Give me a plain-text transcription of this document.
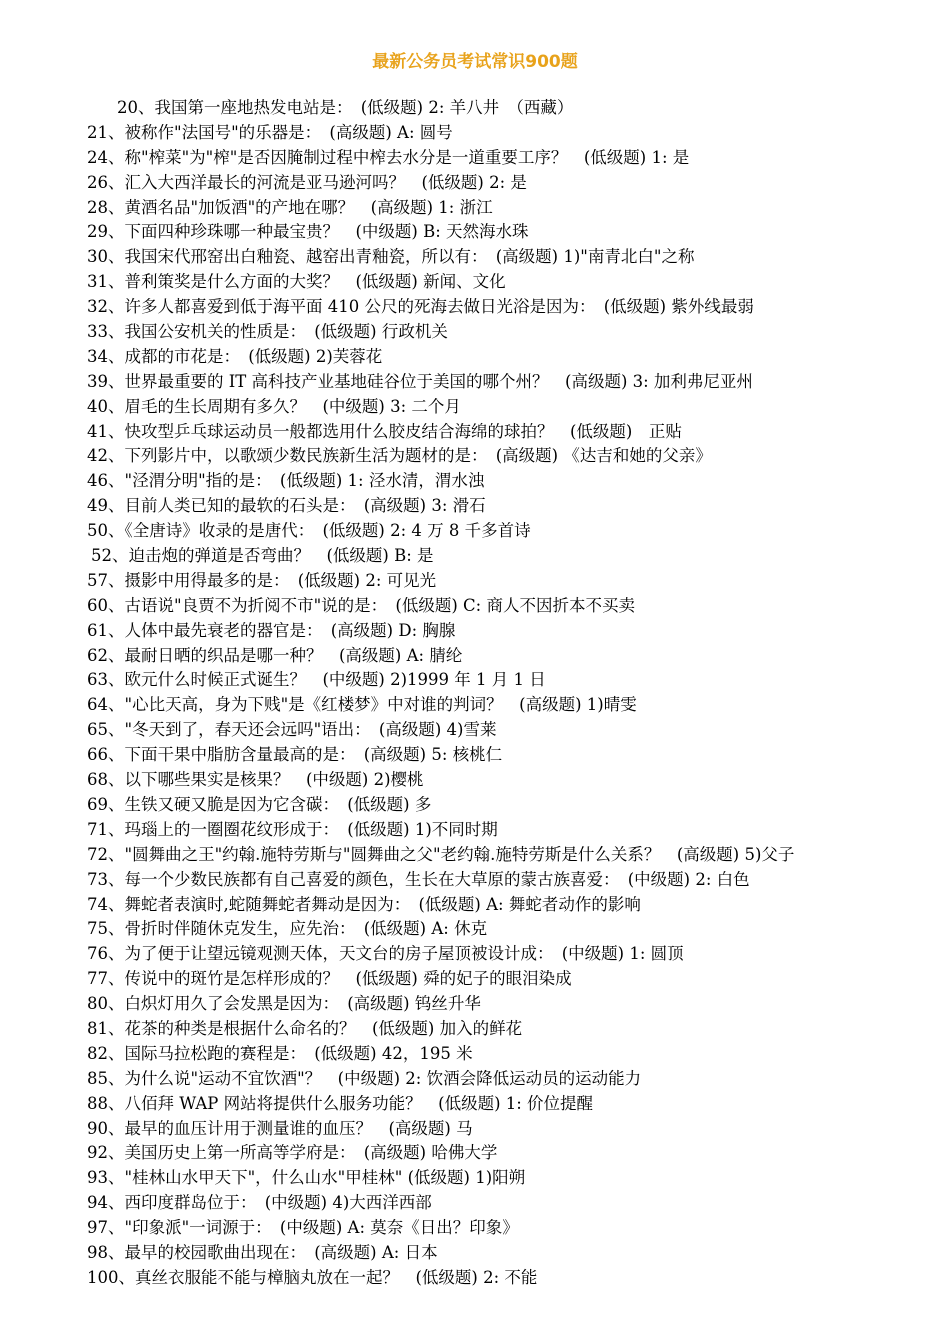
最新公务员考试常识900题
20、我国第一座地热发电站是：　(低级题) 2: 羊八井　（西藏）
21、被称作"法国号"的乐器是：　(高级题) A: 圆号
24、称"榨菜"为"榨"是否因腌制过程中榨去水分是一道重要工序？　(低级题) 1: 是
26、汇入大西洋最长的河流是亚马逊河吗？　(低级题) 2: 是
28、黄酒名品"加饭酒"的产地在哪？　(高级题) 1: 浙江
29、下面四种珍珠哪一种最宝贵？　(中级题) B: 天然海水珠
30、我国宋代邢窑出白釉瓷、越窑出青釉瓷，所以有：　(高级题) 1)"南青北白"之称
31、普利策奖是什么方面的大奖？　(低级题) 新闻、文化
32、许多人都喜爱到低于海平面 410 公尺的死海去做日光浴是因为：　(低级题) 紫外线最弱
33、我国公安机关的性质是：　(低级题) 行政机关
34、成都的市花是：　(低级题) 2)芙蓉花
39、世界最重要的 IT 高科技产业基地硅谷位于美国的哪个州？　(高级题) 3: 加利弗尼亚州
40、眉毛的生长周期有多久？　(中级题) 3: 二个月
41、快攻型乒乓球运动员一般都选用什么胶皮结合海绵的球拍？　(低级题)　正贴
42、下列影片中，以歌颂少数民族新生活为题材的是：　(高级题) 《达吉和她的父亲》
46、"泾渭分明"指的是：　(低级题) 1: 泾水清，渭水浊
49、目前人类已知的最软的石头是：　(高级题) 3: 滑石
50、《全唐诗》收录的是唐代：　(低级题) 2: 4 万 8 千多首诗
52、迫击炮的弹道是否弯曲？　(低级题) B: 是
57、摄影中用得最多的是：　(低级题) 2: 可见光
60、古语说"良贾不为折阅不市"说的是：　(低级题) C: 商人不因折本不买卖
61、人体中最先衰老的器官是：　(高级题) D: 胸腺
62、最耐日晒的织品是哪一种？　(高级题) A: 腈纶
63、欧元什么时候正式诞生？　(中级题) 2)1999 年 1 月 1 日
64、"心比天高，身为下贱"是《红楼梦》中对谁的判词？　(高级题) 1)晴雯
65、"冬天到了，春天还会远吗"语出：　(高级题) 4)雪莱
66、下面干果中脂肪含量最高的是：　(高级题) 5: 核桃仁
68、以下哪些果实是核果？　(中级题) 2)樱桃
69、生铁又硬又脆是因为它含碳：　(低级题) 多
71、玛瑙上的一圈圈花纹形成于：　(低级题) 1)不同时期
72、"圆舞曲之王"约翰.施特劳斯与"圆舞曲之父"老约翰.施特劳斯是什么关系？　(高级题) 5)父子
73、每一个少数民族都有自己喜爱的颜色，生长在大草原的蒙古族喜爱：　(中级题) 2: 白色
74、舞蛇者表演时,蛇随舞蛇者舞动是因为：　(低级题) A: 舞蛇者动作的影响
75、骨折时伴随休克发生，应先治：　(低级题) A: 休克
76、为了便于让望远镜观测天体，天文台的房子屋顶被设计成：　(中级题) 1: 圆顶
77、传说中的斑竹是怎样形成的？　(低级题) 舜的妃子的眼泪染成
80、白炽灯用久了会发黑是因为：　(高级题) 钨丝升华
81、花茶的种类是根据什么命名的？　(低级题) 加入的鲜花
82、国际马拉松跑的赛程是：　(低级题) 42，195 米
85、为什么说"运动不宜饮酒"？　(中级题) 2: 饮酒会降低运动员的运动能力
88、八佰拜 WAP 网站将提供什么服务功能？　(低级题) 1: 价位提醒
90、最早的血压计用于测量谁的血压？　(高级题) 马
92、美国历史上第一所高等学府是：　(高级题) 哈佛大学
93、"桂林山水甲天下"，什么山水"甲桂林" (低级题) 1)阳朔
94、西印度群岛位于：　(中级题) 4)大西洋西部
97、"印象派"一词源于：　(中级题) A: 莫奈《日出？印象》
98、最早的校园歌曲出现在：　(高级题) A: 日本
100、真丝衣服能不能与樟脑丸放在一起？　(低级题) 2: 不能
